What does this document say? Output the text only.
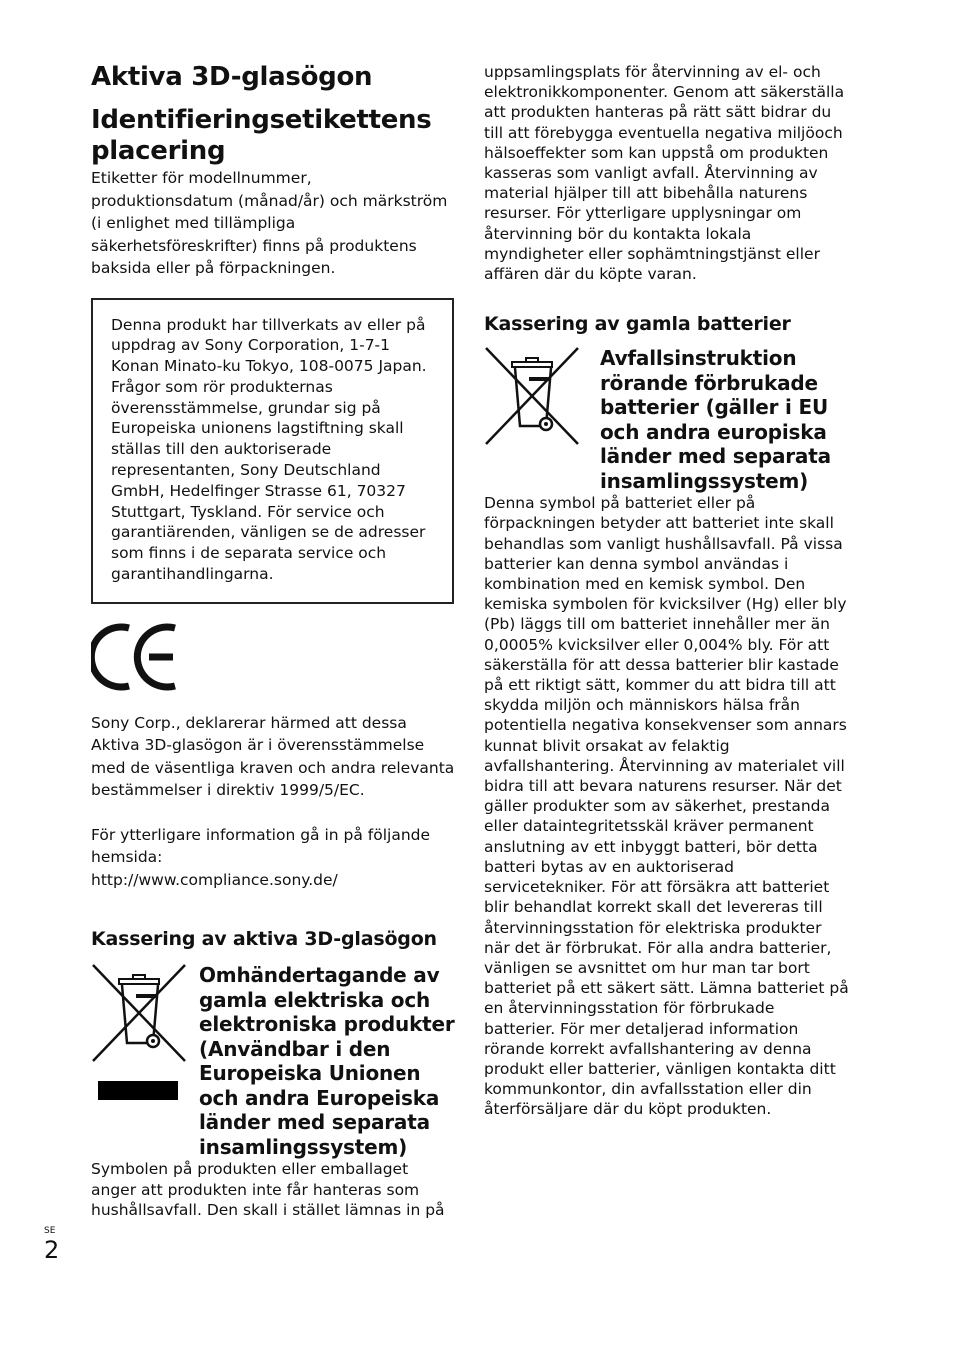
Aktiva 3D-glasögon
Identifieringsetikettens placering

Etiketter för modellnummer, produktionsdatum (månad/år) och märkström (i enlighet med tillämpliga säkerhetsföreskrifter) finns på produktens baksida eller på förpackningen.

Denna produkt har tillverkats av eller på uppdrag av Sony Corporation, 1-7-1 Konan Minato-ku Tokyo, 108-0075 Japan. Frågor som rör produkternas överensstämmelse, grundar sig på Europeiska unionens lagstiftning skall ställas till den auktoriserade representanten, Sony Deutschland GmbH, Hedelfinger Strasse 61, 70327 Stuttgart, Tyskland. För service och garantiärenden, vänligen se de adresser som finns i de separata service och garantihandlingarna.

Sony Corp., deklarerar härmed att dessa Aktiva 3D-glasögon är i överensstämmelse med de väsentliga kraven och andra relevanta bestämmelser i direktiv 1999/5/EC.

För ytterligare information gå in på följande hemsida:
http://www.compliance.sony.de/

Kassering av aktiva 3D-glasögon
Omhändertagande av gamla elektriska och elektroniska produkter (Användbar i den Europeiska Unionen och andra Europeiska länder med separata insamlingssystem)

Symbolen på produkten eller emballaget anger att produkten inte får hanteras som hushållsavfall. Den skall i stället lämnas in på

uppsamlingsplats för återvinning av el- och elektronikkomponenter. Genom att säkerställa att produkten hanteras på rätt sätt bidrar du till att förebygga eventuella negativa miljöoch hälsoeffekter som kan uppstå om produkten kasseras som vanligt avfall. Återvinning av material hjälper till att bibehålla naturens resurser. För ytterligare upplysningar om återvinning bör du kontakta lokala myndigheter eller sophämtningstjänst eller affären där du köpte varan.

Kassering av gamla batterier
Avfallsinstruktion rörande förbrukade batterier (gäller i EU och andra europiska länder med separata insamlingssystem)

Denna symbol på batteriet eller på förpackningen betyder att batteriet inte skall behandlas som vanligt hushållsavfall. På vissa batterier kan denna symbol användas i kombination med en kemisk symbol. Den kemiska symbolen för kvicksilver (Hg) eller bly (Pb) läggs till om batteriet innehåller mer än 0,0005% kvicksilver eller 0,004% bly. För att säkerställa för att dessa batterier blir kastade på ett riktigt sätt, kommer du att bidra till att skydda miljön och människors hälsa från potentiella negativa konsekvenser som annars kunnat blivit orsakat av felaktig avfallshantering. Återvinning av materialet vill bidra till att bevara naturens resurser. När det gäller produkter som av säkerhet, prestanda eller dataintegritetsskäl kräver permanent anslutning av ett inbyggt batteri, bör detta batteri bytas av en auktoriserad servicetekniker. För att försäkra att batteriet blir behandlat korrekt skall det levereras till återvinningsstation för elektriska produkter när det är förbrukat. För alla andra batterier, vänligen se avsnittet om hur man tar bort batteriet på ett säkert sätt. Lämna batteriet på en återvinningsstation för förbrukade batterier. För mer detaljerad information rörande korrekt avfallshantering av denna produkt eller batterier, vänligen kontakta ditt kommunkontor, din avfallsstation eller din återförsäljare där du köpt produkten.

SE
2
